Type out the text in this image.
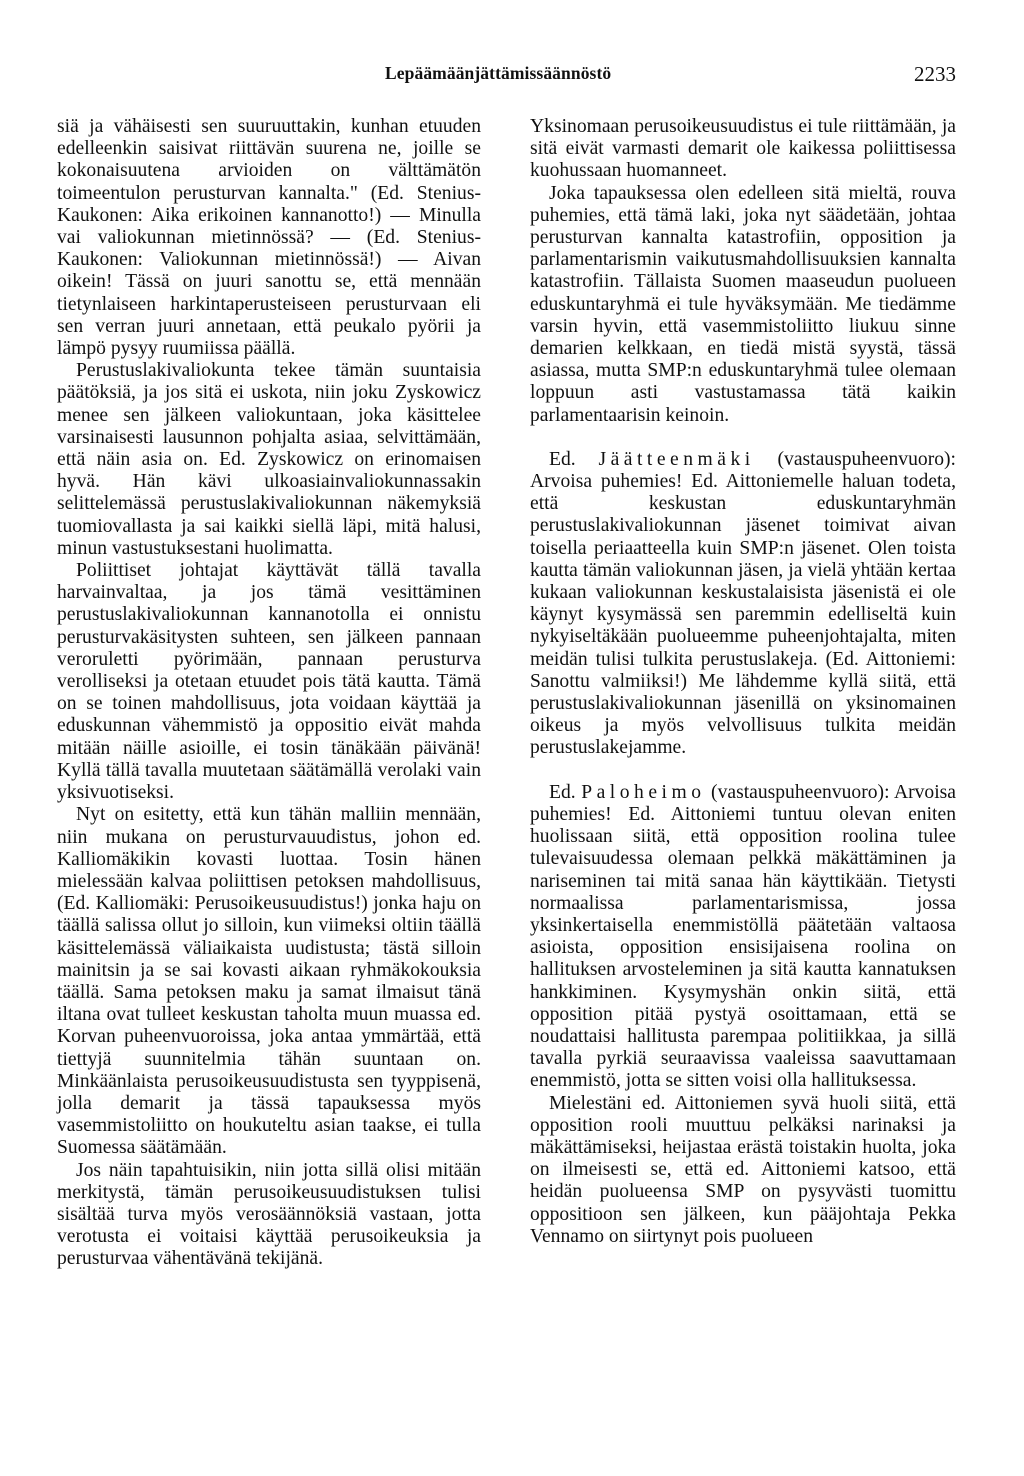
Lepäämäänjättämissäännöstö	2233

siä ja vähäisesti sen suuruuttakin, kunhan etuuden edelleenkin saisivat riittävän suurena ne, joille se kokonaisuutena arvioiden on välttämätön toimeentulon perusturvan kannalta." (Ed. Stenius-Kaukonen: Aika erikoinen kannanotto!) — Minulla vai valiokunnan mietinnössä? — (Ed. Stenius-Kaukonen: Valiokunnan mietinnössä!) — Aivan oikein! Tässä on juuri sanottu se, että mennään tietynlaiseen harkintaperusteiseen perusturvaan eli sen verran juuri annetaan, että peukalo pyörii ja lämpö pysyy ruumiissa päällä.

Perustuslakivaliokunta tekee tämän suuntaisia päätöksiä, ja jos sitä ei uskota, niin joku Zyskowicz menee sen jälkeen valiokuntaan, joka käsittelee varsinaisesti lausunnon pohjalta asiaa, selvittämään, että näin asia on. Ed. Zyskowicz on erinomaisen hyvä. Hän kävi ulkoasiainvaliokunnassakin selittelemässä perustuslakivaliokunnan näkemyksiä tuomiovallasta ja sai kaikki siellä läpi, mitä halusi, minun vastustuksestani huolimatta.

Poliittiset johtajat käyttävät tällä tavalla harvainvaltaa, ja jos tämä vesittäminen perustuslakivaliokunnan kannanotolla ei onnistu perusturvakäsitysten suhteen, sen jälkeen pannaan veroruletti pyörimään, pannaan perusturva verolliseksi ja otetaan etuudet pois tätä kautta. Tämä on se toinen mahdollisuus, jota voidaan käyttää ja eduskunnan vähemmistö ja oppositio eivät mahda mitään näille asioille, ei tosin tänäkään päivänä! Kyllä tällä tavalla muutetaan säätämällä verolaki vain yksivuotiseksi.

Nyt on esitetty, että kun tähän malliin mennään, niin mukana on perusturvauudistus, johon ed. Kalliomäkikin kovasti luottaa. Tosin hänen mielessään kalvaa poliittisen petoksen mahdollisuus, (Ed. Kalliomäki: Perusoikeusuudistus!) jonka haju on täällä salissa ollut jo silloin, kun viimeksi oltiin täällä käsittelemässä väliaikaista uudistusta; tästä silloin mainitsin ja se sai kovasti aikaan ryhmäkokouksia täällä. Sama petoksen maku ja samat ilmaisut tänä iltana ovat tulleet keskustan taholta muun muassa ed. Korvan puheenvuoroissa, joka antaa ymmärtää, että tiettyjä suunnitelmia tähän suuntaan on. Minkäänlaista perusoikeusuudistusta sen tyyppisenä, jolla demarit ja tässä tapauksessa myös vasemmistoliitto on houkuteltu asian taakse, ei tulla Suomessa säätämään.

Jos näin tapahtuisikin, niin jotta sillä olisi mitään merkitystä, tämän perusoikeusuudistuksen tulisi sisältää turva myös verosäännöksiä vastaan, jotta verotusta ei voitaisi käyttää perusoikeuksia ja perusturvaa vähentävänä tekijänä.

Yksinomaan perusoikeusuudistus ei tule riittämään, ja sitä eivät varmasti demarit ole kaikessa poliittisessa kuohussaan huomanneet.

Joka tapauksessa olen edelleen sitä mieltä, rouva puhemies, että tämä laki, joka nyt säädetään, johtaa perusturvan kannalta katastrofiin, opposition ja parlamentarismin vaikutusmahdollisuuksien kannalta katastrofiin. Tällaista Suomen maaseudun puolueen eduskuntaryhmä ei tule hyväksymään. Me tiedämme varsin hyvin, että vasemmistoliitto liukuu sinne demarien kelkkaan, en tiedä mistä syystä, tässä asiassa, mutta SMP:n eduskuntaryhmä tulee olemaan loppuun asti vastustamassa tätä kaikin parlamentaarisin keinoin.

Ed. Jäätteenmäki (vastauspuheenvuoro): Arvoisa puhemies! Ed. Aittoniemelle haluan todeta, että keskustan eduskuntaryhmän perustuslakivaliokunnan jäsenet toimivat aivan toisella periaatteella kuin SMP:n jäsenet. Olen toista kautta tämän valiokunnan jäsen, ja vielä yhtään kertaa kukaan valiokunnan keskustalaisista jäsenistä ei ole käynyt kysymässä sen paremmin edelliseltä kuin nykyiseltäkään puolueemme puheenjohtajalta, miten meidän tulisi tulkita perustuslakeja. (Ed. Aittoniemi: Sanottu valmiiksi!) Me lähdemme kyllä siitä, että perustuslakivaliokunnan jäsenillä on yksinomainen oikeus ja myös velvollisuus tulkita meidän perustuslakejamme.

Ed. Paloheimo (vastauspuheenvuoro): Arvoisa puhemies! Ed. Aittoniemi tuntuu olevan eniten huolissaan siitä, että opposition roolina tulee tulevaisuudessa olemaan pelkkä mäkättäminen ja nariseminen tai mitä sanaa hän käyttikään. Tietysti normaalissa parlamentarismissa, jossa yksinkertaisella enemmistöllä päätetään valtaosa asioista, opposition ensisijaisena roolina on hallituksen arvosteleminen ja sitä kautta kannatuksen hankkiminen. Kysymyshän onkin siitä, että opposition pitää pystyä osoittamaan, että se noudattaisi hallitusta parempaa politiikkaa, ja sillä tavalla pyrkiä seuraavissa vaaleissa saavuttamaan enemmistö, jotta se sitten voisi olla hallituksessa.

Mielestäni ed. Aittoniemen syvä huoli siitä, että opposition rooli muuttuu pelkäksi narinaksi ja mäkättämiseksi, heijastaa erästä toistakin huolta, joka on ilmeisesti se, että ed. Aittoniemi katsoo, että heidän puolueensa SMP on pysyvästi tuomittu oppositioon sen jälkeen, kun pääjohtaja Pekka Vennamo on siirtynyt pois puolueen
